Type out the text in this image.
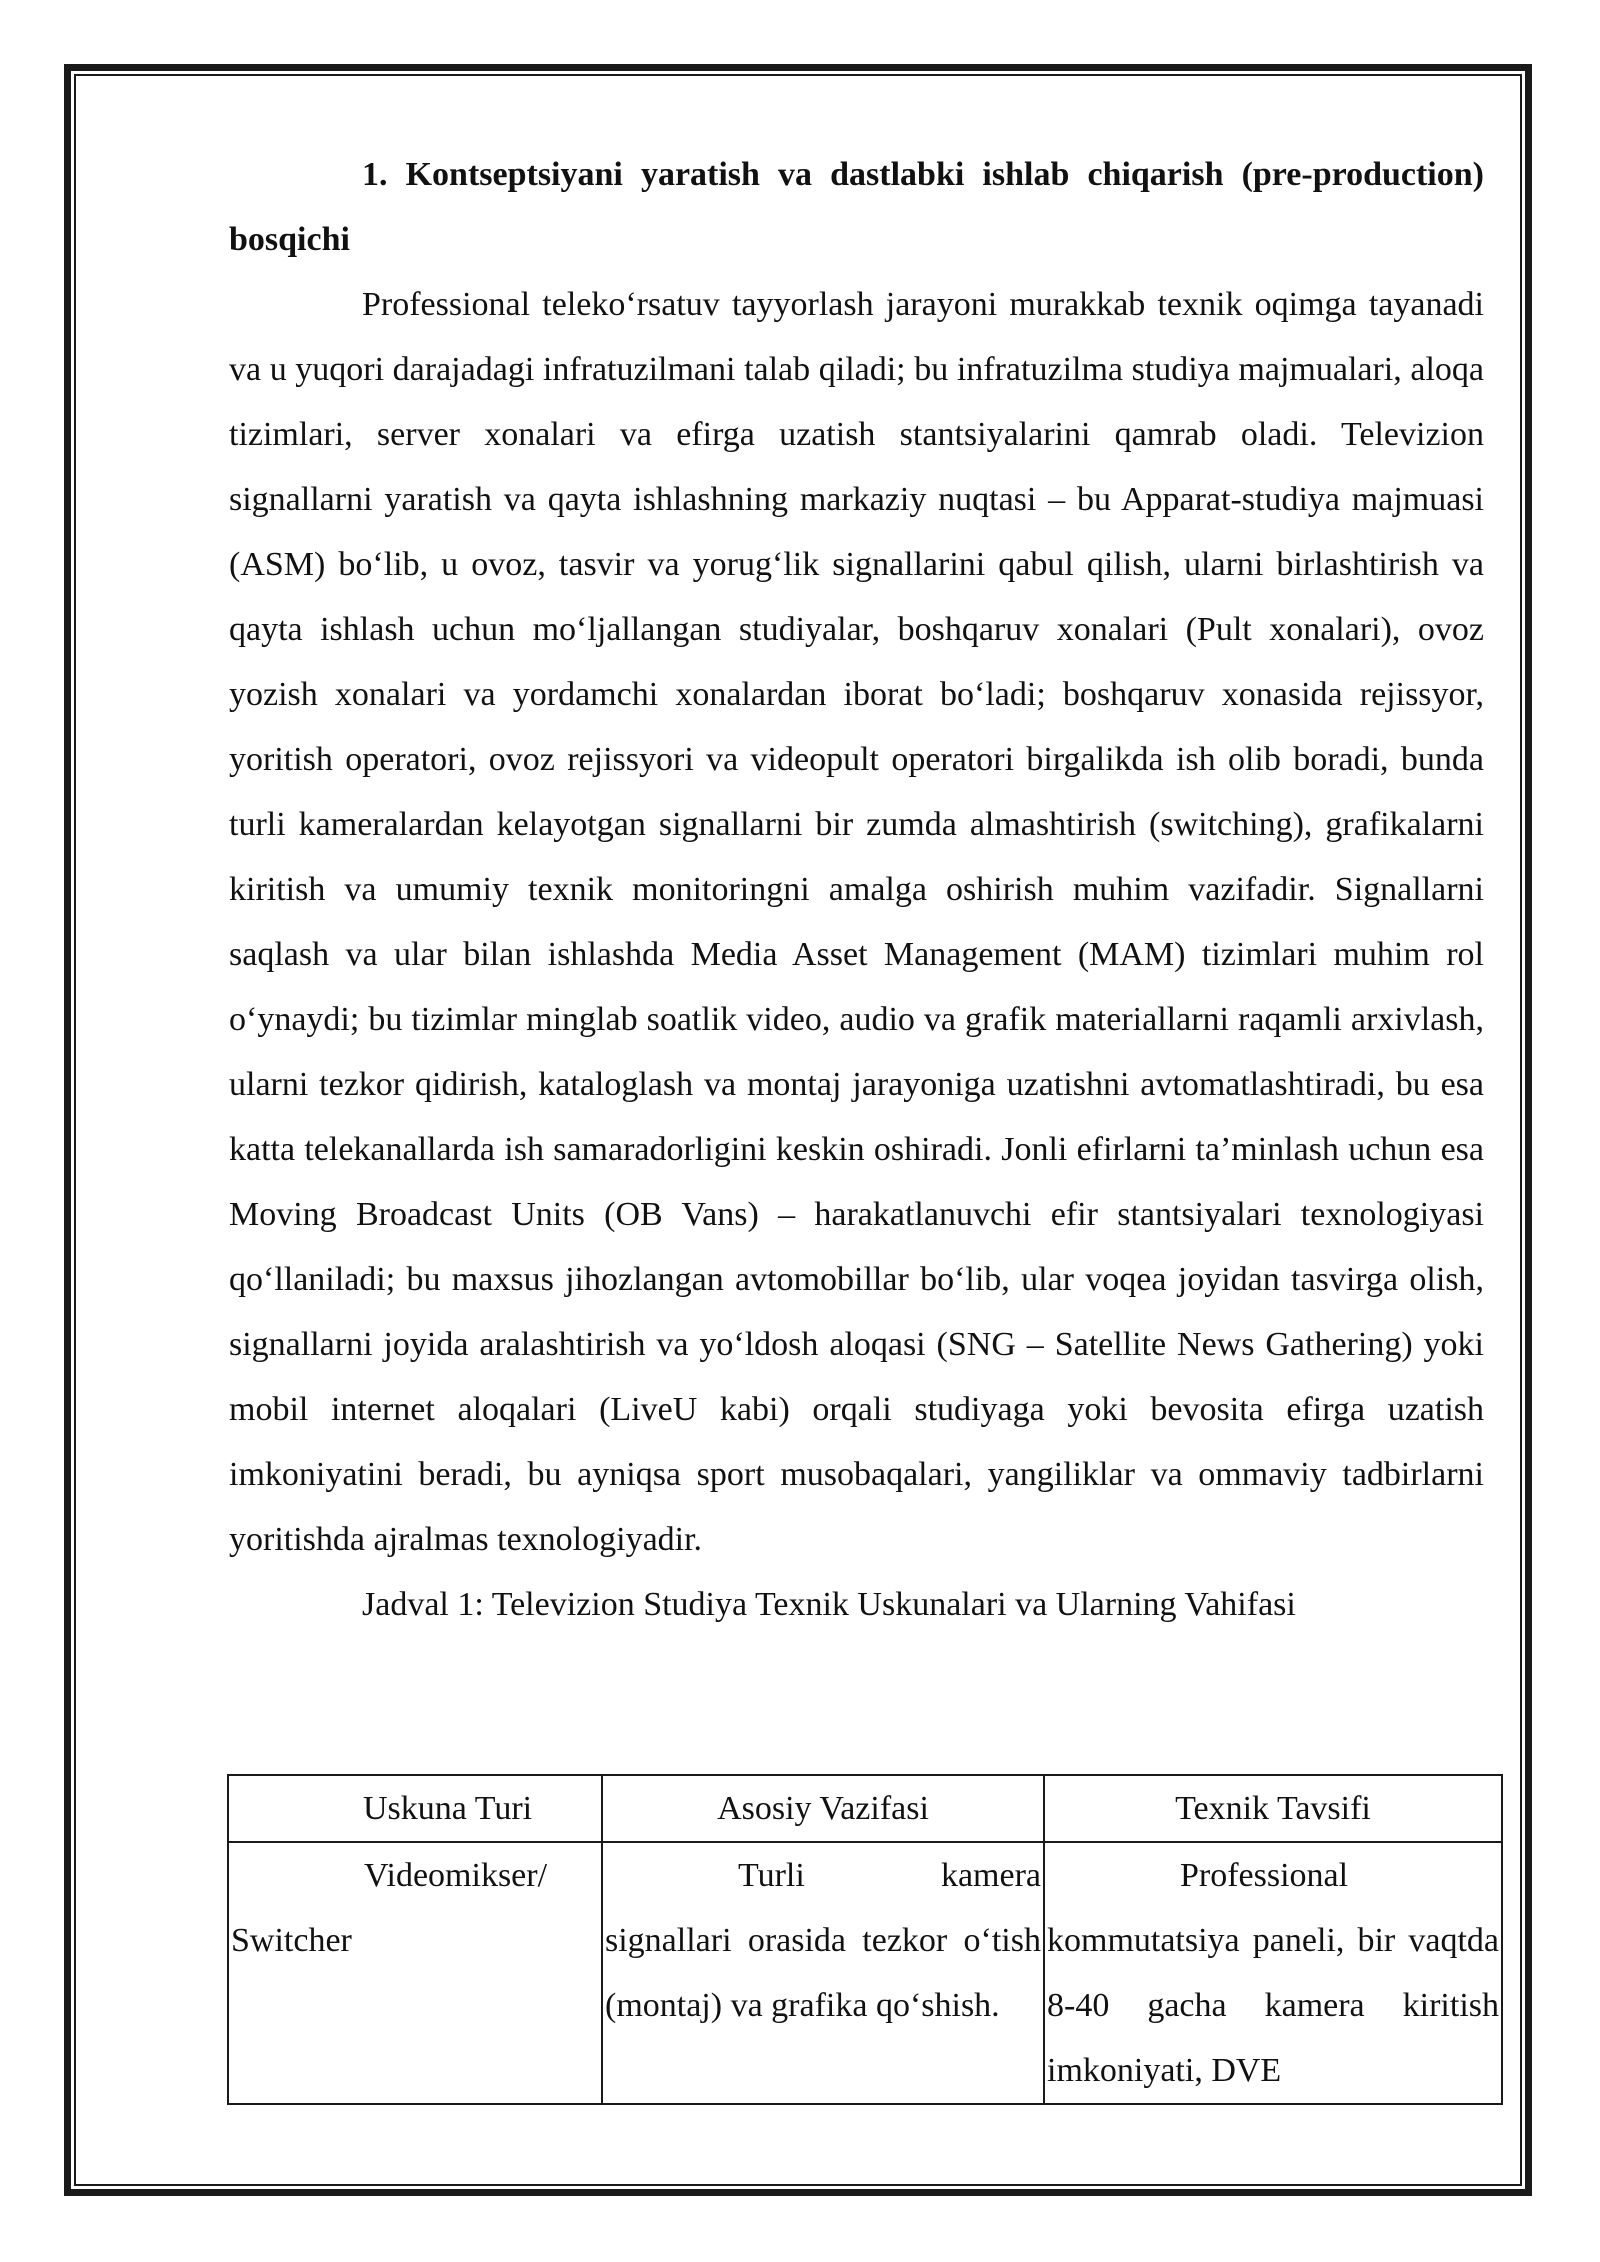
1. Kontseptsiyani yaratish va dastlabki ishlab chiqarish (pre-production) bosqichi

Professional teleko‘rsatuv tayyorlash jarayoni murakkab texnik oqimga tayanadi va u yuqori darajadagi infratuzilmani talab qiladi; bu infratuzilma studiya majmualari, aloqa tizimlari, server xonalari va efirga uzatish stantsiyalarini qamrab oladi. Televizion signallarni yaratish va qayta ishlashning markaziy nuqtasi – bu Apparat-studiya majmuasi (ASM) bo‘lib, u ovoz, tasvir va yorug‘lik signallarini qabul qilish, ularni birlashtirish va qayta ishlash uchun mo‘ljallangan studiyalar, boshqaruv xonalari (Pult xonalari), ovoz yozish xonalari va yordamchi xonalardan iborat bo‘ladi; boshqaruv xonasida rejissyor, yoritish operatori, ovoz rejissyori va videopult operatori birgalikda ish olib boradi, bunda turli kameralardan kelayotgan signallarni bir zumda almashtirish (switching), grafikalarni kiritish va umumiy texnik monitoringni amalga oshirish muhim vazifadir. Signallarni saqlash va ular bilan ishlashda Media Asset Management (MAM) tizimlari muhim rol o‘ynaydi; bu tizimlar minglab soatlik video, audio va grafik materiallarni raqamli arxivlash, ularni tezkor qidirish, kataloglash va montaj jarayoniga uzatishni avtomatlashtiradi, bu esa katta telekanallarda ish samaradorligini keskin oshiradi. Jonli efirlarni ta’minlash uchun esa Moving Broadcast Units (OB Vans) – harakatlanuvchi efir stantsiyalari texnologiyasi qo‘llaniladi; bu maxsus jihozlangan avtomobillar bo‘lib, ular voqea joyidan tasvirga olish, signallarni joyida aralashtirish va yo‘ldosh aloqasi (SNG – Satellite News Gathering) yoki mobil internet aloqalari (LiveU kabi) orqali studiyaga yoki bevosita efirga uzatish imkoniyatini beradi, bu ayniqsa sport musobaqalari, yangiliklar va ommaviy tadbirlarni yoritishda ajralmas texnologiyadir.

Jadval 1: Televizion Studiya Texnik Uskunalari va Ularning Vahifasi

Uskuna Turi	Asosiy Vazifasi	Texnik Tavsifi
Videomikser/ Switcher	Turli kamera signallari orasida tezkor o‘tish (montaj) va grafika qo‘shish.	Professional kommutatsiya paneli, bir vaqtda 8-40 gacha kamera kiritish imkoniyati, DVE
